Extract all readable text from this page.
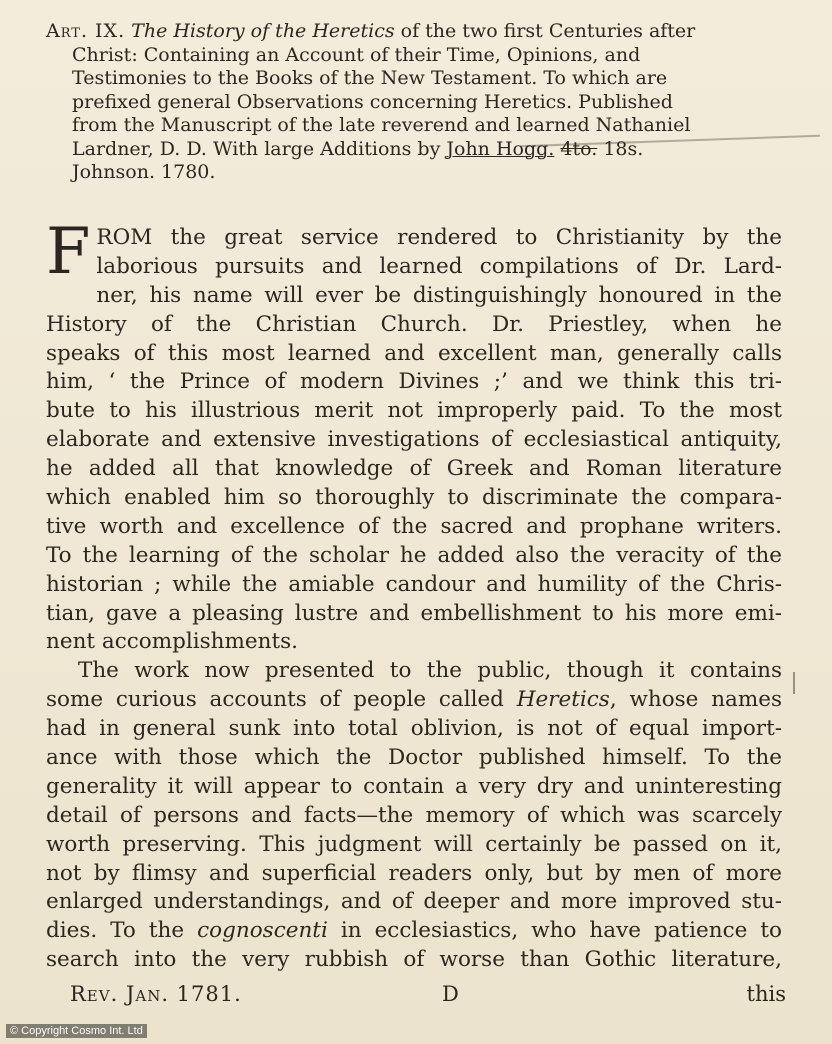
Art. IX. The History of the Heretics of the two first Centuries after
Christ: Containing an Account of their Time, Opinions, and
Testimonies to the Books of the New Testament. To which are
prefixed general Observations concerning Heretics. Published
from the Manuscript of the late reverend and learned Nathaniel
Lardner, D. D. With large Additions by John Hogg. 4to. 18s.
Johnson. 1780.
F ROM the great service rendered to Christianity by the
laborious pursuits and learned compilations of Dr. Lard-
ner, his name will ever be distinguishingly honoured in the
History of the Christian Church. Dr. Priestley, when he
speaks of this most learned and excellent man, generally calls
him, ‘ the Prince of modern Divines ;’ and we think this tri-
bute to his illustrious merit not improperly paid. To the most
elaborate and extensive investigations of ecclesiastical antiquity,
he added all that knowledge of Greek and Roman literature
which enabled him so thoroughly to discriminate the compara-
tive worth and excellence of the sacred and prophane writers.
To the learning of the scholar he added also the veracity of the
historian ; while the amiable candour and humility of the Chris-
tian, gave a pleasing lustre and embellishment to his more emi-
nent accomplishments.
The work now presented to the public, though it contains
some curious accounts of people called Heretics, whose names
had in general sunk into total oblivion, is not of equal import-
ance with those which the Doctor published himself. To the
generality it will appear to contain a very dry and uninteresting
detail of persons and facts—the memory of which was scarcely
worth preserving. This judgment will certainly be passed on it,
not by flimsy and superficial readers only, but by men of more
enlarged understandings, and of deeper and more improved stu-
dies. To the cognoscenti in ecclesiastics, who have patience to
search into the very rubbish of worse than Gothic literature,
Rev. Jan. 1781.	D	this
© Copyright Cosmo Int. Ltd
